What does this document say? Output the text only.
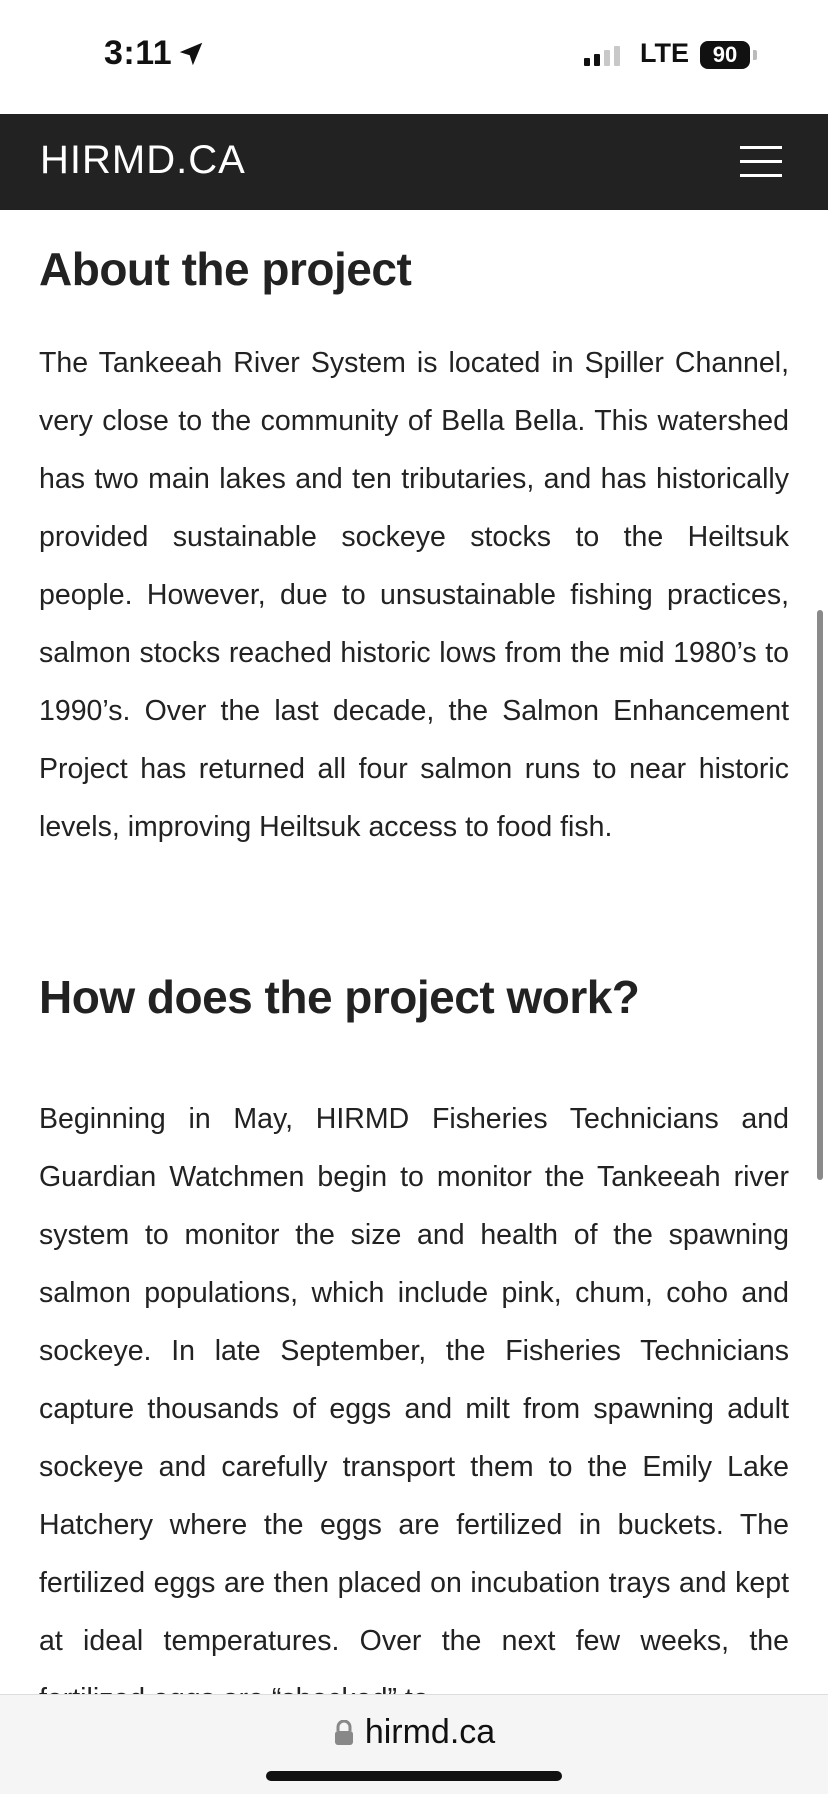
3:11	LTE 90
HIRMD.CA
About the project

The Tankeeah River System is located in Spiller Channel, very close to the community of Bella Bella. This watershed has two main lakes and ten tributaries, and has historically provided sustainable sockeye stocks to the Heiltsuk people. However, due to unsustainable fishing practices, salmon stocks reached historic lows from the mid 1980’s to 1990’s. Over the last decade, the Salmon Enhancement Project has returned all four salmon runs to near historic levels, improving Heiltsuk access to food fish.

How does the project work?

Beginning in May, HIRMD Fisheries Technicians and Guardian Watchmen begin to monitor the Tankeeah river system to monitor the size and health of the spawning salmon populations, which include pink, chum, coho and sockeye. In late September, the Fisheries Technicians capture thousands of eggs and milt from spawning adult sockeye and carefully transport them to the Emily Lake Hatchery where the eggs are fertilized in buckets. The fertilized eggs are then placed on incubation trays and kept at ideal temperatures. Over the next few weeks, the

hirmd.ca
